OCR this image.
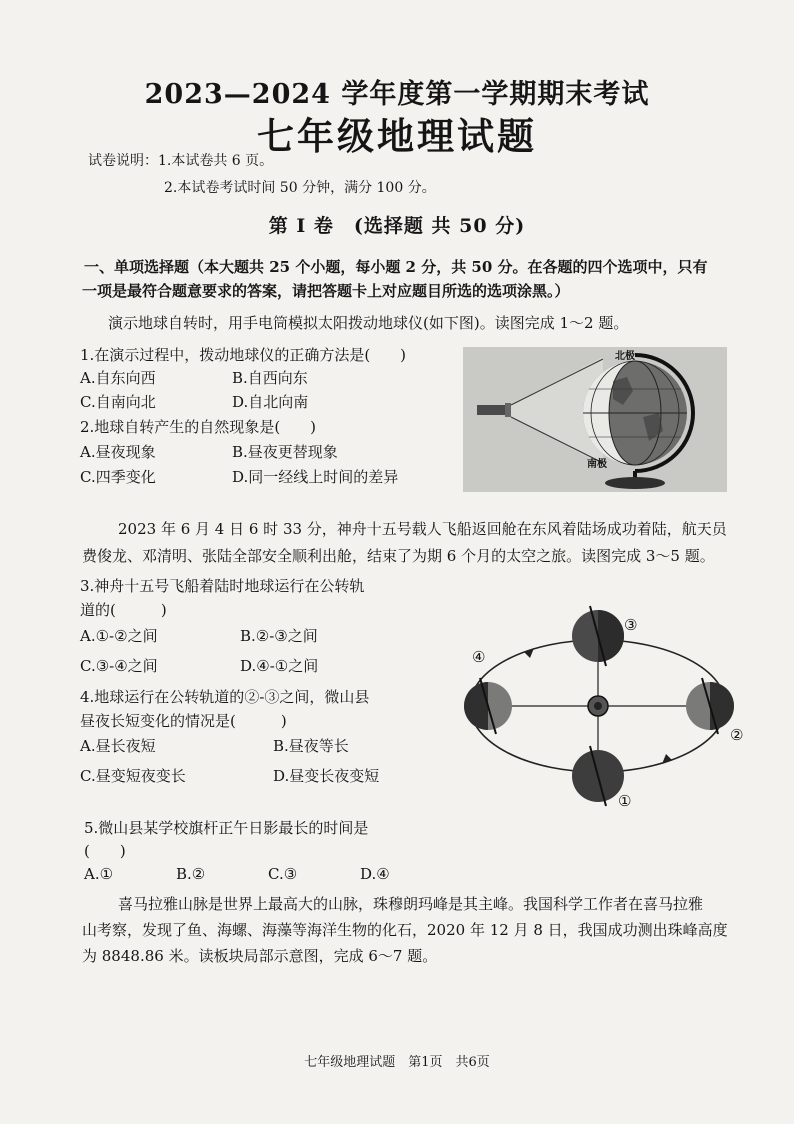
2023—2024 学年度第一学期期末考试
七年级地理试题
试卷说明：1.本试卷共 6 页。
2.本试卷考试时间 50 分钟，满分 100 分。
第 Ⅰ 卷　(选择题 共 50 分)
一、单项选择题（本大题共 25 个小题，每小题 2 分，共 50 分。在各题的四个选项中，只有
一项是最符合题意要求的答案，请把答题卡上对应题目所选的选项涂黑。）
演示地球自转时，用手电筒模拟太阳拨动地球仪(如下图)。读图完成 1～2 题。
1.在演示过程中，拨动地球仪的正确方法是(　　)
A.自东向西	B.自西向东
C.自南向北	D.自北向南
2.地球自转产生的自然现象是(　　)
A.昼夜现象	B.昼夜更替现象
C.四季变化	D.同一经线上时间的差异
北极
南极
2023 年 6 月 4 日 6 时 33 分，神舟十五号载人飞船返回舱在东风着陆场成功着陆，航天员
费俊龙、邓清明、张陆全部安全顺利出舱，结束了为期 6 个月的太空之旅。读图完成 3～5 题。
3.神舟十五号飞船着陆时地球运行在公转轨
道的(　　　)
A.①-②之间	B.②-③之间
C.③-④之间	D.④-①之间
4.地球运行在公转轨道的②-③之间，微山县
昼夜长短变化的情况是(　　　)
A.昼长夜短	B.昼夜等长
C.昼变短夜变长	D.昼变长夜变短
③
①
④
②
5.微山县某学校旗杆正午日影最长的时间是
(　　)
A.①	B.②	C.③	D.④
喜马拉雅山脉是世界上最高大的山脉，珠穆朗玛峰是其主峰。我国科学工作者在喜马拉雅
山考察，发现了鱼、海螺、海藻等海洋生物的化石，2020 年 12 月 8 日，我国成功测出珠峰高度
为 8848.86 米。读板块局部示意图，完成 6～7 题。
七年级地理试题　第1页　共6页
